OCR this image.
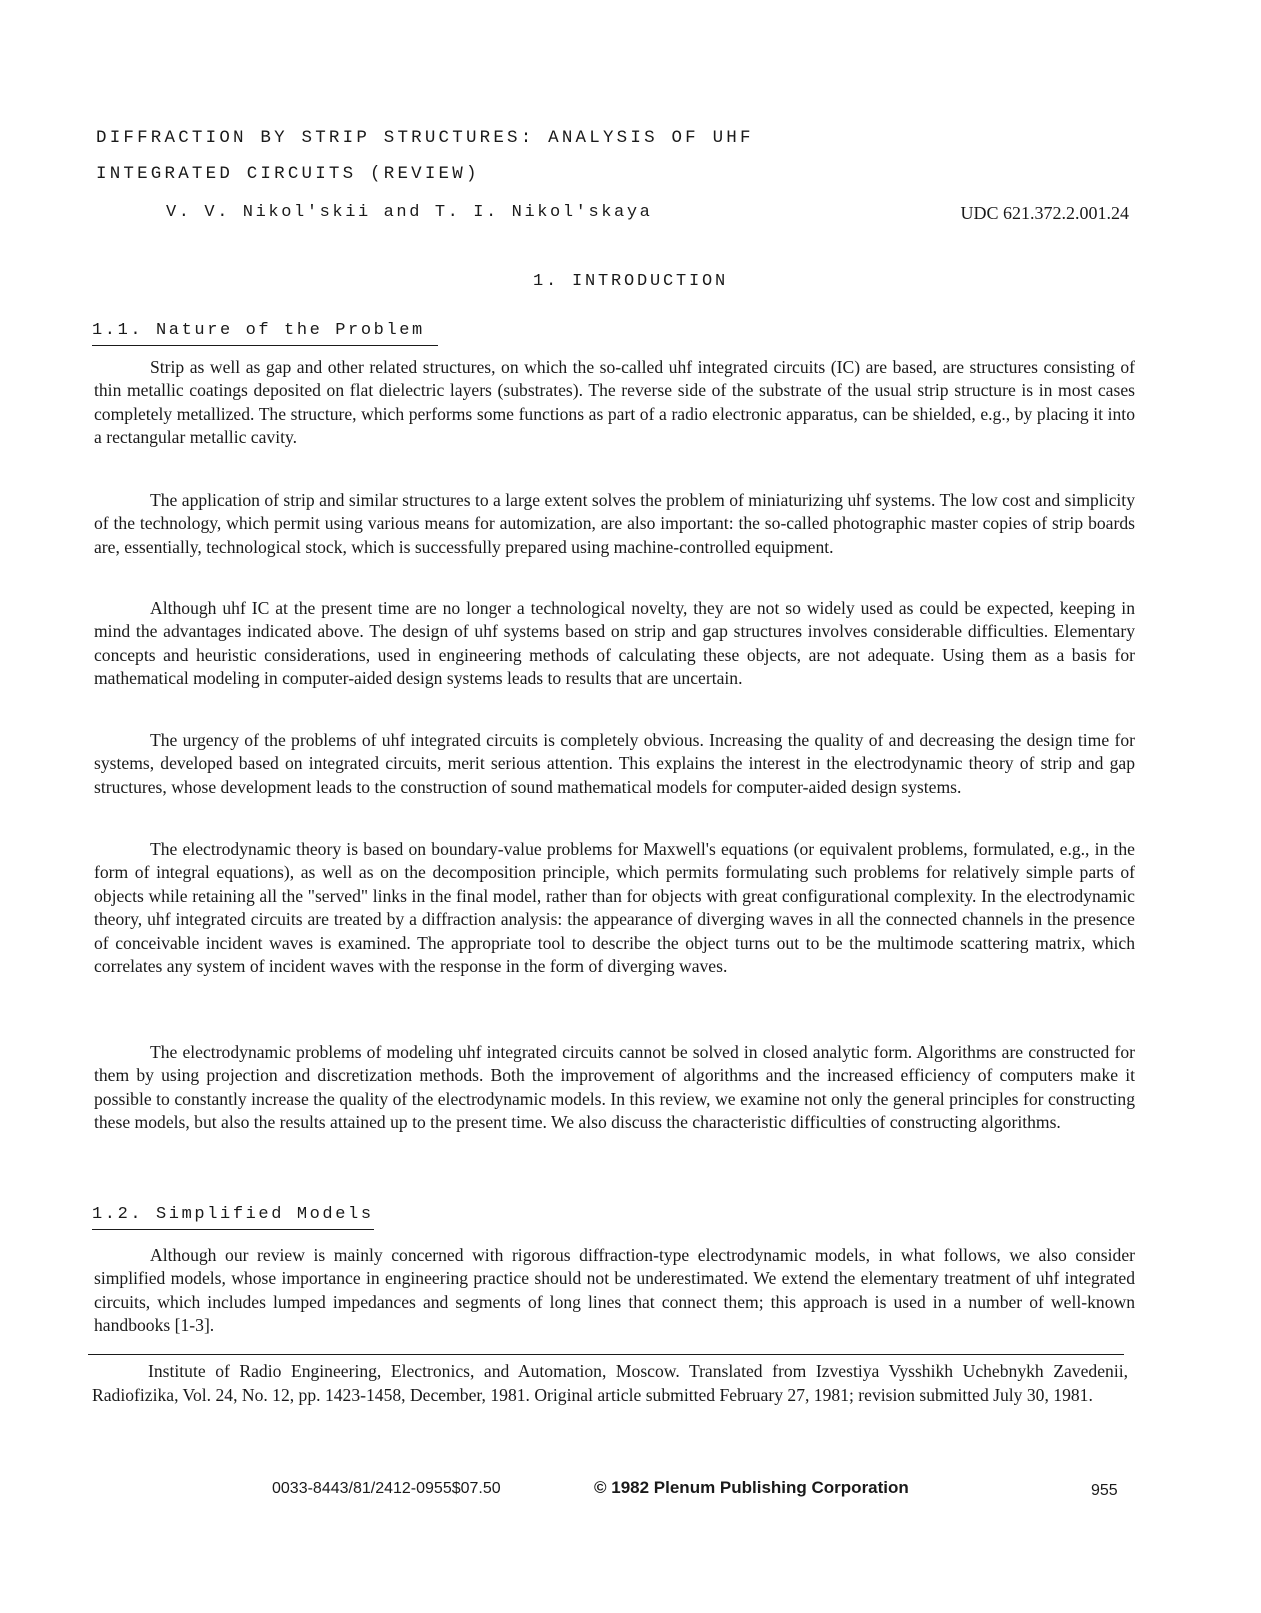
DIFFRACTION BY STRIP STRUCTURES: ANALYSIS OF UHF
INTEGRATED CIRCUITS (REVIEW)
V. V. Nikol'skii and T. I. Nikol'skaya	UDC 621.372.2.001.24
1. INTRODUCTION
1.1. Nature of the Problem

Strip as well as gap and other related structures, on which the so-called uhf integrated circuits (IC) are based, are structures consisting of thin metallic coatings deposited on flat dielectric layers (substrates). The reverse side of the substrate of the usual strip structure is in most cases completely metallized. The structure, which performs some functions as part of a radio electronic apparatus, can be shielded, e.g., by placing it into a rectangular metallic cavity.

The application of strip and similar structures to a large extent solves the problem of miniaturizing uhf systems. The low cost and simplicity of the technology, which permit using various means for automization, are also important: the so-called photographic master copies of strip boards are, essentially, technological stock, which is successfully prepared using machine-controlled equipment.

Although uhf IC at the present time are no longer a technological novelty, they are not so widely used as could be expected, keeping in mind the advantages indicated above. The design of uhf systems based on strip and gap structures involves considerable difficulties. Elementary concepts and heuristic considerations, used in engineering methods of calculating these objects, are not adequate. Using them as a basis for mathematical modeling in computer-aided design systems leads to results that are uncertain.

The urgency of the problems of uhf integrated circuits is completely obvious. Increasing the quality of and decreasing the design time for systems, developed based on integrated circuits, merit serious attention. This explains the interest in the electrodynamic theory of strip and gap structures, whose development leads to the construction of sound mathematical models for computer-aided design systems.

The electrodynamic theory is based on boundary-value problems for Maxwell's equations (or equivalent problems, formulated, e.g., in the form of integral equations), as well as on the decomposition principle, which permits formulating such problems for relatively simple parts of objects while retaining all the "served" links in the final model, rather than for objects with great configurational complexity. In the electrodynamic theory, uhf integrated circuits are treated by a diffraction analysis: the appearance of diverging waves in all the connected channels in the presence of conceivable incident waves is examined. The appropriate tool to describe the object turns out to be the multimode scattering matrix, which correlates any system of incident waves with the response in the form of diverging waves.

The electrodynamic problems of modeling uhf integrated circuits cannot be solved in closed analytic form. Algorithms are constructed for them by using projection and discretization methods. Both the improvement of algorithms and the increased efficiency of computers make it possible to constantly increase the quality of the electrodynamic models. In this review, we examine not only the general principles for constructing these models, but also the results attained up to the present time. We also discuss the characteristic difficulties of constructing algorithms.

1.2. Simplified Models

Although our review is mainly concerned with rigorous diffraction-type electrodynamic models, in what follows, we also consider simplified models, whose importance in engineering practice should not be underestimated. We extend the elementary treatment of uhf integrated circuits, which includes lumped impedances and segments of long lines that connect them; this approach is used in a number of well-known handbooks [1-3].

Institute of Radio Engineering, Electronics, and Automation, Moscow. Translated from Izvestiya Vysshikh Uchebnykh Zavedenii, Radiofizika, Vol. 24, No. 12, pp. 1423-1458, December, 1981. Original article submitted February 27, 1981; revision submitted July 30, 1981.

0033-8443/81/2412-0955$07.50	© 1982 Plenum Publishing Corporation	955
